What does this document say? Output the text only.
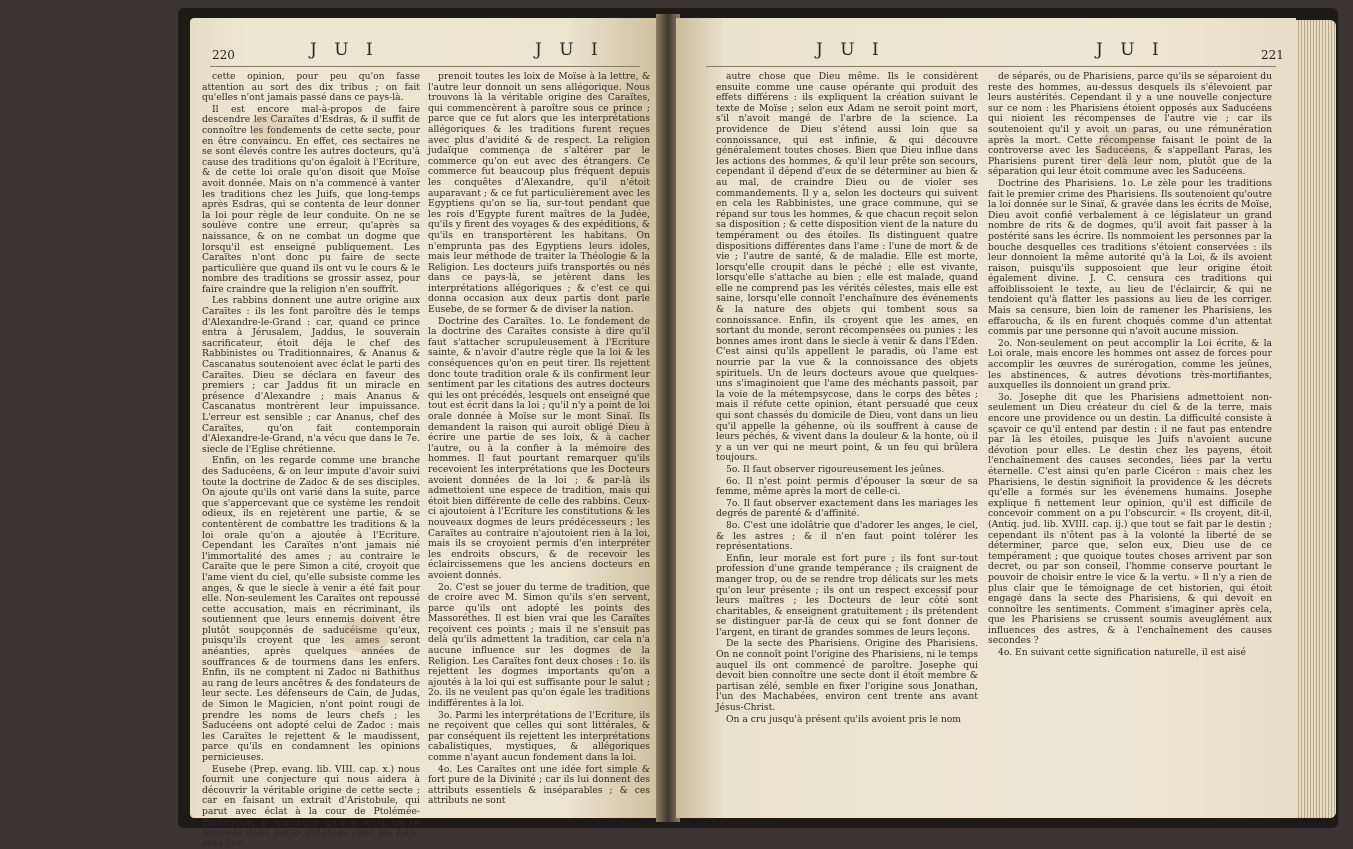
220	J U I	J U I

cette opinion, pour peu qu'on fasse attention au sort des dix tribus ; on fait qu'elles n'ont jamais passé dans ce pays-là.

Il est encore mal-à-propos de faire descendre les Caraïtes d'Esdras, & il suffit de connoître les fondements de cette secte, pour en être convaincu. En effet, ces sectaires ne se sont élevés contre les autres docteurs, qu'à cause des traditions qu'on égaloit à l'Ecriture, & de cette loi orale qu'on disoit que Moïse avoit donnée. Mais on n'a commencé à vanter les traditions chez les Juifs, que long-temps après Esdras, qui se contenta de leur donner la loi pour règle de leur conduite. On ne se soulève contre une erreur, qu'après sa naissance, & on ne combat un dogme que lorsqu'il est enseigné publiquement. Les Caraïtes n'ont donc pu faire de secte particulière que quand ils ont vu le cours & le nombre des traditions se grossir assez, pour faire craindre que la religion n'en souffrît.

Les rabbins donnent une autre origine aux Caraïtes : ils les font paroître dès le temps d'Alexandre-le-Grand : car, quand ce prince entra à Jérusalem, Jaddus, le souverain sacrificateur, étoit déja le chef des Rabbinistes ou Traditionnaires, & Ananus & Cascanatus soutenoient avec éclat le parti des Caraïtes. Dieu se déclara en faveur des premiers ; car Jaddus fit un miracle en présence d'Alexandre ; mais Ananus & Cascanatus montrèrent leur impuissance. L'erreur est sensible ; car Ananus, chef des Caraïtes, qu'on fait contemporain d'Alexandre-le-Grand, n'a vécu que dans le 7e. siecle de l'Eglise chrétienne.

Enfin, on les regarde comme une branche des Saducéens, & on leur impute d'avoir suivi toute la doctrine de Zadoc & de ses disciples. On ajoute qu'ils ont varié dans la suite, parce que s'appercevant que ce système les rendoit odieux, ils en rejetèrent une partie, & se contentèrent de combattre les traditions & la loi orale qu'on a ajoutée à l'Ecriture. Cependant les Caraïtes n'ont jamais nié l'immortalité des ames ; au contraire le Caraïte que le pere Simon a cité, croyoit que l'ame vient du ciel, qu'elle subsiste comme les anges, & que le siecle à venir a été fait pour elle. Non-seulement les Caraïtes ont repoussé cette accusation, mais en récriminant, ils soutiennent que leurs ennemis doivent être plutôt soupçonnés de saducéisme qu'eux, puisqu'ils croyent que les ames seront anéanties, après quelques années de souffrances & de tourmens dans les enfers. Enfin, ils ne comptent ni Zadoc ni Bathithus au rang de leurs ancêtres & des fondateurs de leur secte. Les défenseurs de Cain, de Judas, de Simon le Magicien, n'ont point rougi de prendre les noms de leurs chefs ; les Saducéens ont adopté celui de Zadoc : mais les Caraïtes le rejettent & le maudissent, parce qu'ils en condamnent les opinions pernicieuses.

Eusebe (Prep. evang. lib. VIII. cap. x.) nous fournit une conjecture qui nous aidera à découvrir la véritable origine de cette secte ; car en faisant un extrait d'Aristobule, qui parut avec éclat à la cour de Ptolémée-Philometor, il remarque qu'il y avoit en ce temps-là deux partis différens chez les Juifs, dont l'un

prenoit toutes les loix de Moïse à la lettre, & l'autre leur donnoit un sens allégorique. Nous trouvons là la véritable origine des Caraïtes, qui commencèrent à paroître sous ce prince ; parce que ce fut alors que les interprétations allégoriques & les traditions furent reçues avec plus d'avidité & de respect. La religion judaïque commença de s'altérer par le commerce qu'on eut avec des étrangers. Ce commerce fut beaucoup plus fréquent depuis les conquêtes d'Alexandre, qu'il n'étoit auparavant ; & ce fut particulièrement avec les Egyptiens qu'on se lia, sur-tout pendant que les rois d'Egypte furent maîtres de la Judée, qu'ils y firent des voyages & des expéditions, & qu'ils en transportèrent les habitans. On n'emprunta pas des Egyptiens leurs idoles, mais leur méthode de traiter la Théologie & la Religion. Les docteurs juifs transportés ou nés dans ce pays-là, se jetèrent dans les interprétations allégoriques ; & c'est ce qui donna occasion aux deux partis dont parle Eusebe, de se former & de diviser la nation.

Doctrine des Caraïtes. 1o. Le fondement de la doctrine des Caraïtes consiste à dire qu'il faut s'attacher scrupuleusement à l'Ecriture sainte, & n'avoir d'autre règle que la loi & les conséquences qu'on en peut tirer. Ils rejettent donc toute tradition orale & ils confirment leur sentiment par les citations des autres docteurs qui les ont précédés, lesquels ont enseigné que tout est écrit dans la loi ; qu'il n'y a point de loi orale donnée à Moïse sur le mont Sinaï. Ils demandent la raison qui auroit obligé Dieu à écrire une partie de ses loix, & à cacher l'autre, ou à la confier à la mémoire des hommes. Il faut pourtant remarquer qu'ils recevoient les interprétations que les Docteurs avoient données de la loi ; & par-là ils admettoient une espece de tradition, mais qui étoit bien différente de celle des rabbins. Ceux-ci ajoutoient à l'Ecriture les constitutions & les nouveaux dogmes de leurs prédécesseurs ; les Caraïtes au contraire n'ajoutoient rien à la loi, mais ils se croyoient permis d'en interpréter les endroits obscurs, & de recevoir les éclaircissemens que les anciens docteurs en avoient donnés.

2o. C'est se jouer du terme de tradition, que de croire avec M. Simon qu'ils s'en servent, parce qu'ils ont adopté les points des Massoréthes. Il est bien vrai que les Caraïtes reçoivent ces points ; mais il ne s'ensuit pas delà qu'ils admettent la tradition, car cela n'a aucune influence sur les dogmes de la Religion. Les Caraïtes font deux choses : 1o. ils rejettent les dogmes importants qu'on a ajoutés à la loi qui est suffisante pour le salut ; 2o. ils ne veulent pas qu'on égale les traditions indifférentes à la loi.

3o. Parmi les interprétations de l'Ecriture, ils ne reçoivent que celles qui sont littérales, & par conséquent ils rejettent les interprétations cabalistiques, mystiques, & allégoriques comme n'ayant aucun fondement dans la loi.

4o. Les Caraïtes ont une idée fort simple & fort pure de la Divinité ; car ils lui donnent des attributs essentiels & inséparables ; & ces attributs ne sont

J U I	J U I	221

autre chose que Dieu même. Ils le considèrent ensuite comme une cause opérante qui produit des effets différens : ils expliquent la création suivant le texte de Moïse ; selon eux Adam ne seroit point mort, s'il n'avoit mangé de l'arbre de la science. La providence de Dieu s'étend aussi loin que sa connoissance, qui est infinie, & qui découvre généralement toutes choses. Bien que Dieu influe dans les actions des hommes, & qu'il leur prête son secours, cependant il dépend d'eux de se déterminer au bien & au mal, de craindre Dieu ou de violer ses commandements. Il y a, selon les docteurs qui suivent en cela les Rabbinistes, une grace commune, qui se répand sur tous les hommes, & que chacun reçoit selon sa disposition ; & cette disposition vient de la nature du tempérament ou des étoiles. Ils distinguent quatre dispositions différentes dans l'ame : l'une de mort & de vie ; l'autre de santé, & de maladie. Elle est morte, lorsqu'elle croupit dans le péché ; elle est vivante, lorsqu'elle s'attache au bien ; elle est malade, quand elle ne comprend pas les vérités célestes, mais elle est saine, lorsqu'elle connoît l'enchaînure des événements & la nature des objets qui tombent sous sa connoissance. Enfin, ils croyent que les ames, en sortant du monde, seront récompensées ou punies ; les bonnes ames iront dans le siecle à venir & dans l'Eden. C'est ainsi qu'ils appellent le paradis, où l'ame est nourrie par la vue & la connoissance des objets spirituels. Un de leurs docteurs avoue que quelques-uns s'imaginoient que l'ame des méchants passoit, par la voie de la métempsycose, dans le corps des bêtes ; mais il réfute cette opinion, étant persuadé que ceux qui sont chassés du domicile de Dieu, vont dans un lieu qu'il appelle la géhenne, où ils souffrent à cause de leurs péchés, & vivent dans la douleur & la honte, où il y a un ver qui ne meurt point, & un feu qui brûlera toujours.

5o. Il faut observer rigoureusement les jeûnes.

6o. Il n'est point permis d'épouser la sœur de sa femme, même après la mort de celle-ci.

7o. Il faut observer exactement dans les mariages les degrés de parenté & d'affinité.

8o. C'est une idolâtrie que d'adorer les anges, le ciel, & les astres ; & il n'en faut point tolérer les représentations.

Enfin, leur morale est fort pure ; ils font sur-tout profession d'une grande tempérance ; ils craignent de manger trop, ou de se rendre trop délicats sur les mets qu'on leur présente ; ils ont un respect excessif pour leurs maîtres ; les Docteurs de leur côté sont charitables, & enseignent gratuitement ; ils prétendent se distinguer par-là de ceux qui se font donner de l'argent, en tirant de grandes sommes de leurs leçons.

De la secte des Pharisiens. Origine des Pharisiens. On ne connoît point l'origine des Pharisiens, ni le temps auquel ils ont commencé de paroître. Josephe qui devoit bien connoître une secte dont il étoit membre & partisan zélé, semble en fixer l'origine sous Jonathan, l'un des Machabées, environ cent trente ans avant Jésus-Christ.

On a cru jusqu'à présent qu'ils avoient pris le nom

de séparés, ou de Pharisiens, parce qu'ils se séparoient du reste des hommes, au-dessus desquels ils s'élevoient par leurs austérités. Cependant il y a une nouvelle conjecture sur ce nom : les Pharisiens étoient opposés aux Saducéens qui nioient les récompenses de l'autre vie ; car ils soutenoient qu'il y avoit un paras, ou une rémunération après la mort. Cette récompense faisant le point de la controverse avec les Saducéens, & s'appellant Paras, les Pharisiens purent tirer delà leur nom, plutôt que de la séparation qui leur étoit commune avec les Saducéens.

Doctrine des Pharisiens. 1o. Le zèle pour les traditions fait le premier crime des Pharisiens. Ils soutenoient qu'outre la loi donnée sur le Sinaï, & gravée dans les écrits de Moïse, Dieu avoit confié verbalement à ce législateur un grand nombre de rits & de dogmes, qu'il avoit fait passer à la postérité sans les écrire. Ils nommoient les personnes par la bouche desquelles ces traditions s'étoient conservées : ils leur donnoient la même autorité qu'à la Loi, & ils avoient raison, puisqu'ils supposoient que leur origine étoit également divine. J. C. censura ces traditions qui affoiblissoient le texte, au lieu de l'éclaircir, & qui ne tendoient qu'à flatter les passions au lieu de les corriger. Mais sa censure, bien loin de ramener les Pharisiens, les effaroucha, & ils en furent choqués comme d'un attentat commis par une personne qui n'avoit aucune mission.

2o. Non-seulement on peut accomplir la Loi écrite, & la Loi orale, mais encore les hommes ont assez de forces pour accomplir les œuvres de surérogation, comme les jeûnes, les abstinences, & autres dévotions très-mortifiantes, auxquelles ils donnoient un grand prix.

3o. Josephe dit que les Pharisiens admettoient non-seulement un Dieu créateur du ciel & de la terre, mais encore une providence ou un destin. La difficulté consiste à sçavoir ce qu'il entend par destin : il ne faut pas entendre par là les étoiles, puisque les Juifs n'avoient aucune dévotion pour elles. Le destin chez les payens, étoit l'enchaînement des causes secondes, liées par la vertu éternelle. C'est ainsi qu'en parle Cicéron : mais chez les Pharisiens, le destin signifioit la providence & les décrets qu'elle a formés sur les événemens humains. Josephe explique fi nettement leur opinion, qu'il est difficile de concevoir comment on a pu l'obscurcir. « Ils croyent, dit-il, (Antiq. jud. lib. XVIII. cap. ij.) que tout se fait par le destin ; cependant ils n'ôtent pas à la volonté la liberté de se déterminer, parce que, selon eux, Dieu use de ce tempérament ; que quoique toutes choses arrivent par son decret, ou par son conseil, l'homme conserve pourtant le pouvoir de choisir entre le vice & la vertu. » Il n'y a rien de plus clair que le témoignage de cet historien, qui étoit engagé dans la secte des Pharisiens, & qui devoit en connoître les sentiments. Comment s'imaginer après cela, que les Pharisiens se crussent soumis aveuglément aux influences des astres, & à l'enchaînement des causes secondes ?

4o. En suivant cette signification naturelle, il est aisé
